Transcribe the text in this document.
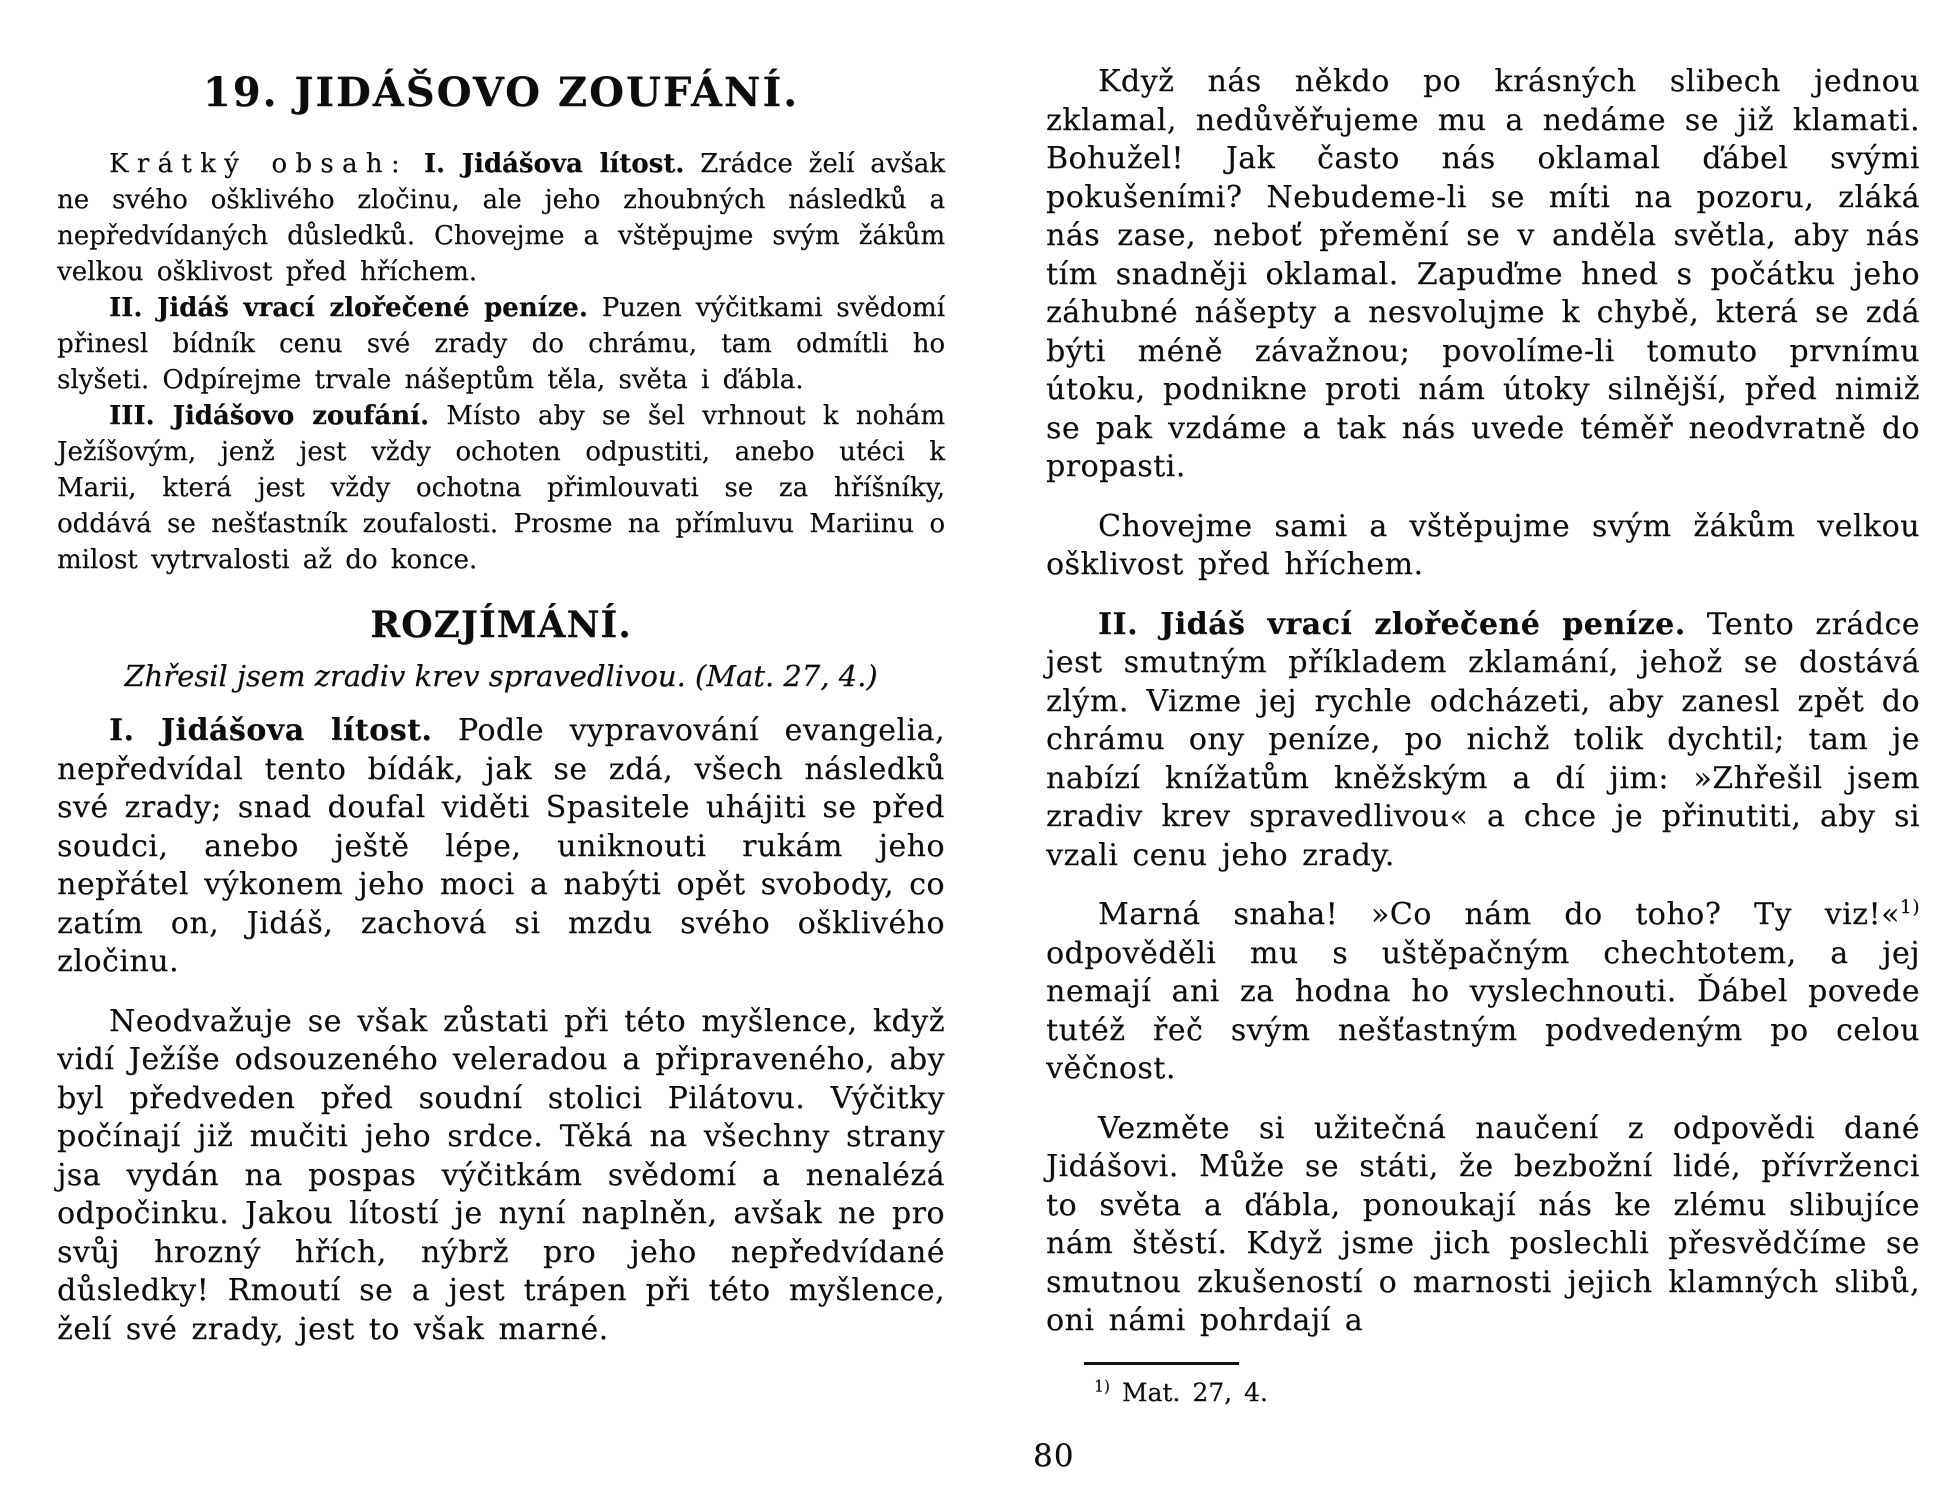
19. JIDÁŠOVO ZOUFÁNÍ.

Krátký obsah: I. Jidášova lítost. Zrádce želí avšak ne svého ošklivého zločinu, ale jeho zhoubných následků a nepředvídaných důsledků. Chovejme a vštěpujme svým žákům velkou ošklivost před hříchem.

II. Jidáš vrací zlořečené peníze. Puzen výčitkami svědomí přinesl bídník cenu své zrady do chrámu, tam odmítli ho slyšeti. Odpírejme trvale nášeptům těla, světa i ďábla.

III. Jidášovo zoufání. Místo aby se šel vrhnout k nohám Ježíšovým, jenž jest vždy ochoten odpustiti, anebo utéci k Marii, která jest vždy ochotna přimlouvati se za hříšníky, oddává se nešťastník zoufalosti. Prosme na přímluvu Mariinu o milost vytrvalosti až do konce.

ROZJÍMÁNÍ.

Zhřesil jsem zradiv krev spravedlivou. (Mat. 27, 4.)

I. Jidášova lítost. Podle vypravování evangelia, nepředvídal tento bídák, jak se zdá, všech následků své zrady; snad doufal viděti Spasitele uhájiti se před soudci, anebo ještě lépe, uniknouti rukám jeho nepřátel výkonem jeho moci a nabýti opět svobody, co zatím on, Jidáš, zachová si mzdu svého ošklivého zločinu.

Neodvažuje se však zůstati při této myšlence, když vidí Ježíše odsouzeného veleradou a připraveného, aby byl předveden před soudní stolici Pilátovu. Výčitky počínají již mučiti jeho srdce. Těká na všechny strany jsa vydán na pospas výčitkám svědomí a nenalézá odpočinku. Jakou lítostí je nyní naplněn, avšak ne pro svůj hrozný hřích, nýbrž pro jeho nepředvídané důsledky! Rmoutí se a jest trápen při této myšlence, želí své zrady, jest to však marné.

Když nás někdo po krásných slibech jednou zklamal, nedůvěřujeme mu a nedáme se již klamati. Bohužel! Jak často nás oklamal ďábel svými pokušeními? Nebudeme-li se míti na pozoru, zláká nás zase, neboť přemění se v anděla světla, aby nás tím snadněji oklamal. Zapuďme hned s počátku jeho záhubné nášepty a nesvolujme k chybě, která se zdá býti méně závažnou; povolíme-li tomuto prvnímu útoku, podnikne proti nám útoky silnější, před nimiž se pak vzdáme a tak nás uvede téměř neodvratně do propasti.

Chovejme sami a vštěpujme svým žákům velkou ošklivost před hříchem.

II. Jidáš vrací zlořečené peníze. Tento zrádce jest smutným příkladem zklamání, jehož se dostává zlým. Vizme jej rychle odcházeti, aby zanesl zpět do chrámu ony peníze, po nichž tolik dychtil; tam je nabízí knížatům kněžským a dí jim: »Zhřešil jsem zradiv krev spravedlivou« a chce je přinutiti, aby si vzali cenu jeho zrady.

Marná snaha! »Co nám do toho? Ty viz!«$^{1)}$ odpověděli mu s uštěpačným chechtotem, a jej nemají ani za hodna ho vyslechnouti. Ďábel povede tutéž řeč svým nešťastným podvedeným po celou věčnost.

Vezměte si užitečná naučení z odpovědi dané Jidášovi. Může se státi, že bezbožní lidé, přívrženci to světa a ďábla, ponoukají nás ke zlému slibujíce nám štěstí. Když jsme jich poslechli přesvědčíme se smutnou zkušeností o marnosti jejich klamných slibů, oni námi pohrdají a

$^{1)}$ Mat. 27, 4.

80
